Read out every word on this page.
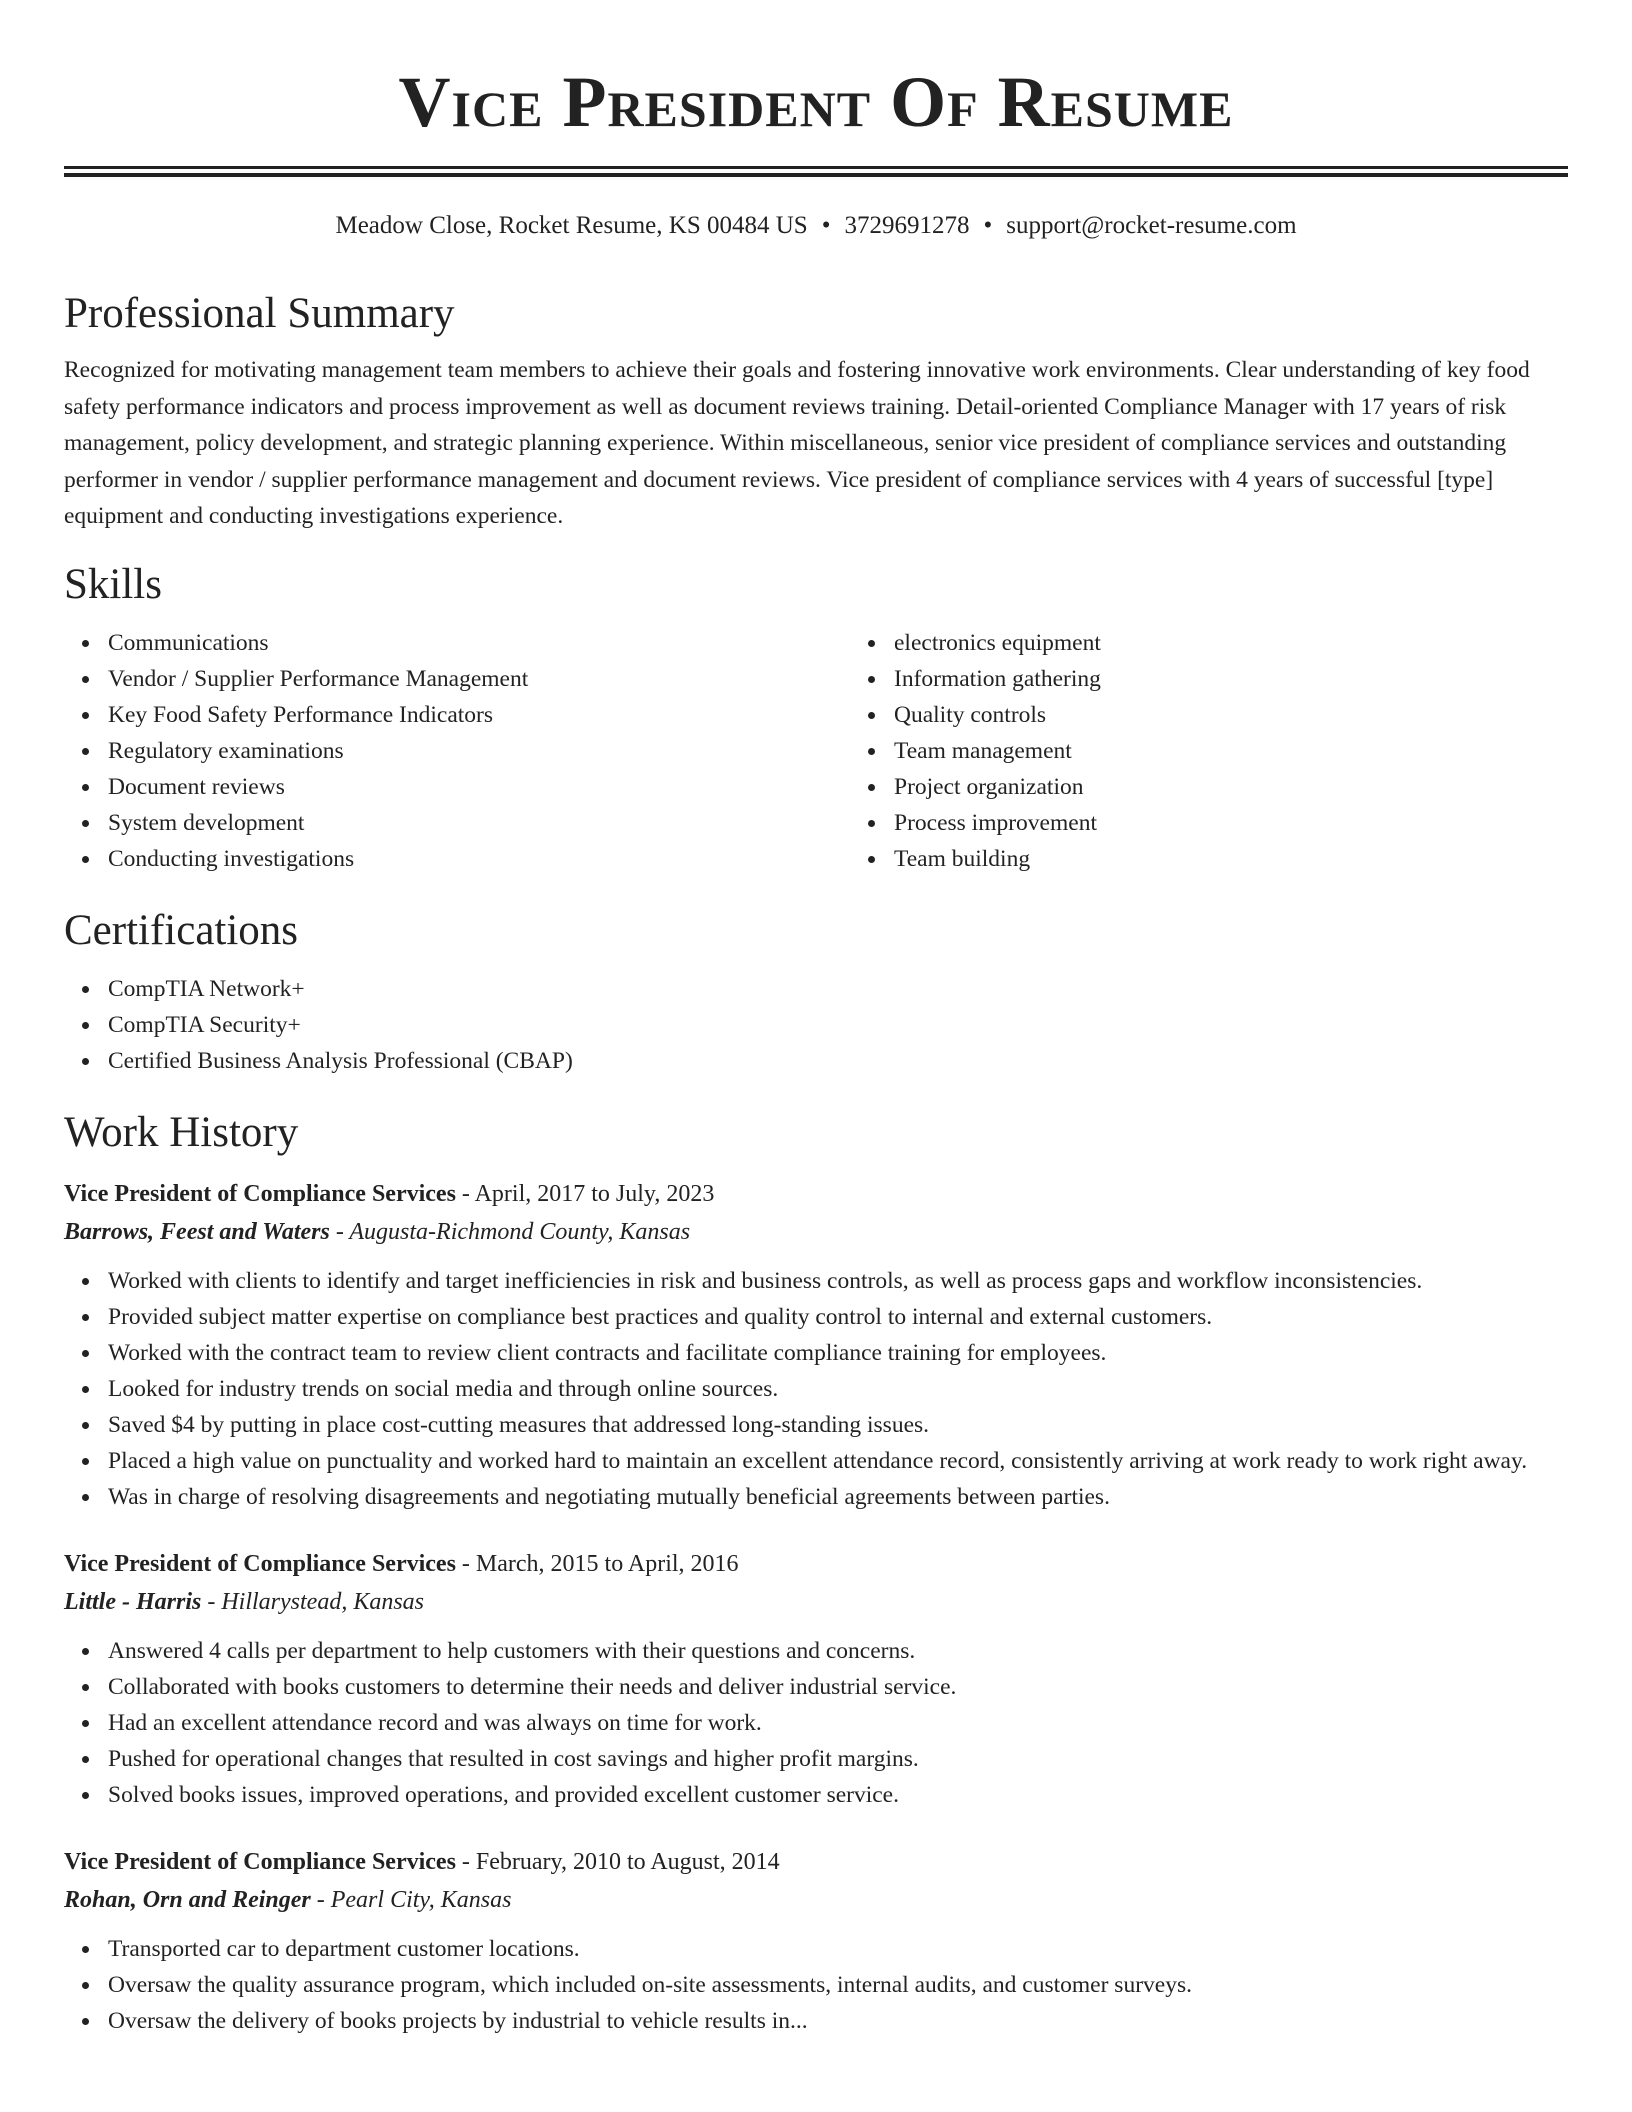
Vice President Of Resume
Meadow Close, Rocket Resume, KS 00484 US • 3729691278 • support@rocket-resume.com
Professional Summary

Recognized for motivating management team members to achieve their goals and fostering innovative work environments. Clear understanding of key food safety performance indicators and process improvement as well as document reviews training. Detail-oriented Compliance Manager with 17 years of risk management, policy development, and strategic planning experience. Within miscellaneous, senior vice president of compliance services and outstanding performer in vendor / supplier performance management and document reviews. Vice president of compliance services with 4 years of successful [type] equipment and conducting investigations experience.

Skills
Communications
Vendor / Supplier Performance Management
Key Food Safety Performance Indicators
Regulatory examinations
Document reviews
System development
Conducting investigations
electronics equipment
Information gathering
Quality controls
Team management
Project organization
Process improvement
Team building
Certifications
CompTIA Network+
CompTIA Security+
Certified Business Analysis Professional (CBAP)
Work History
Vice President of Compliance Services - April, 2017 to July, 2023
Barrows, Feest and Waters - Augusta-Richmond County, Kansas
Worked with clients to identify and target inefficiencies in risk and business controls, as well as process gaps and workflow inconsistencies.
Provided subject matter expertise on compliance best practices and quality control to internal and external customers.
Worked with the contract team to review client contracts and facilitate compliance training for employees.
Looked for industry trends on social media and through online sources.
Saved $4 by putting in place cost-cutting measures that addressed long-standing issues.
Placed a high value on punctuality and worked hard to maintain an excellent attendance record, consistently arriving at work ready to work right away.
Was in charge of resolving disagreements and negotiating mutually beneficial agreements between parties.
Vice President of Compliance Services - March, 2015 to April, 2016
Little - Harris - Hillarystead, Kansas
Answered 4 calls per department to help customers with their questions and concerns.
Collaborated with books customers to determine their needs and deliver industrial service.
Had an excellent attendance record and was always on time for work.
Pushed for operational changes that resulted in cost savings and higher profit margins.
Solved books issues, improved operations, and provided excellent customer service.
Vice President of Compliance Services - February, 2010 to August, 2014
Rohan, Orn and Reinger - Pearl City, Kansas
Transported car to department customer locations.
Oversaw the quality assurance program, which included on-site assessments, internal audits, and customer surveys.
Oversaw the delivery of books projects by industrial to vehicle results in...
